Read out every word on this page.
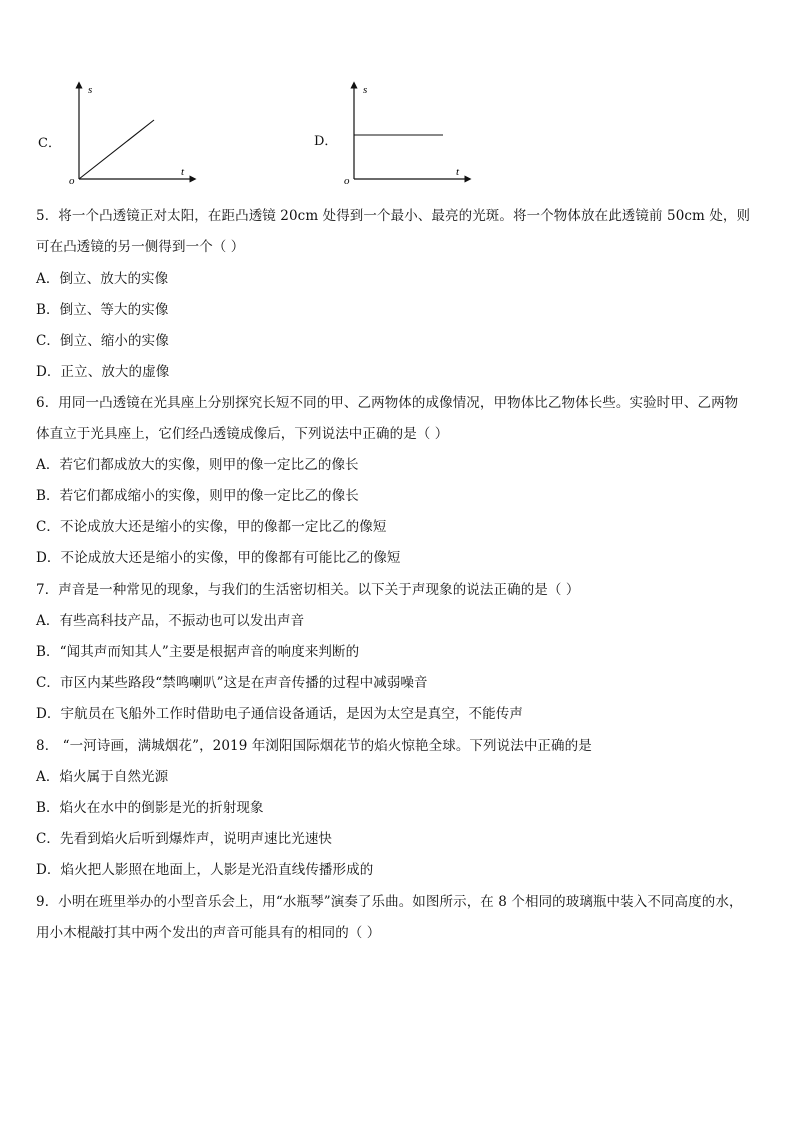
C．
s
t
o
D．
s
t
o
5．将一个凸透镜正对太阳，在距凸透镜 20cm 处得到一个最小、最亮的光斑。将一个物体放在此透镜前 50cm 处，则
可在凸透镜的另一侧得到一个（ ）
A．倒立、放大的实像
B．倒立、等大的实像
C．倒立、缩小的实像
D．正立、放大的虚像
6．用同一凸透镜在光具座上分别探究长短不同的甲、乙两物体的成像情况，甲物体比乙物体长些。实验时甲、乙两物
体直立于光具座上，它们经凸透镜成像后，下列说法中正确的是（ ）
A．若它们都成放大的实像，则甲的像一定比乙的像长
B．若它们都成缩小的实像，则甲的像一定比乙的像长
C．不论成放大还是缩小的实像，甲的像都一定比乙的像短
D．不论成放大还是缩小的实像，甲的像都有可能比乙的像短
7．声音是一种常见的现象，与我们的生活密切相关。以下关于声现象的说法正确的是（ ）
A．有些高科技产品，不振动也可以发出声音
B．“闻其声而知其人”主要是根据声音的响度来判断的
C．市区内某些路段“禁鸣喇叭”这是在声音传播的过程中减弱噪音
D．宇航员在飞船外工作时借助电子通信设备通话，是因为太空是真空，不能传声
8． “一河诗画，满城烟花”，2019 年浏阳国际烟花节的焰火惊艳全球。下列说法中正确的是
A．焰火属于自然光源
B．焰火在水中的倒影是光的折射现象
C．先看到焰火后听到爆炸声，说明声速比光速快
D．焰火把人影照在地面上，人影是光沿直线传播形成的
9．小明在班里举办的小型音乐会上，用“水瓶琴”演奏了乐曲。如图所示，在 8 个相同的玻璃瓶中装入不同高度的水，
用小木棍敲打其中两个发出的声音可能具有的相同的（ ）
